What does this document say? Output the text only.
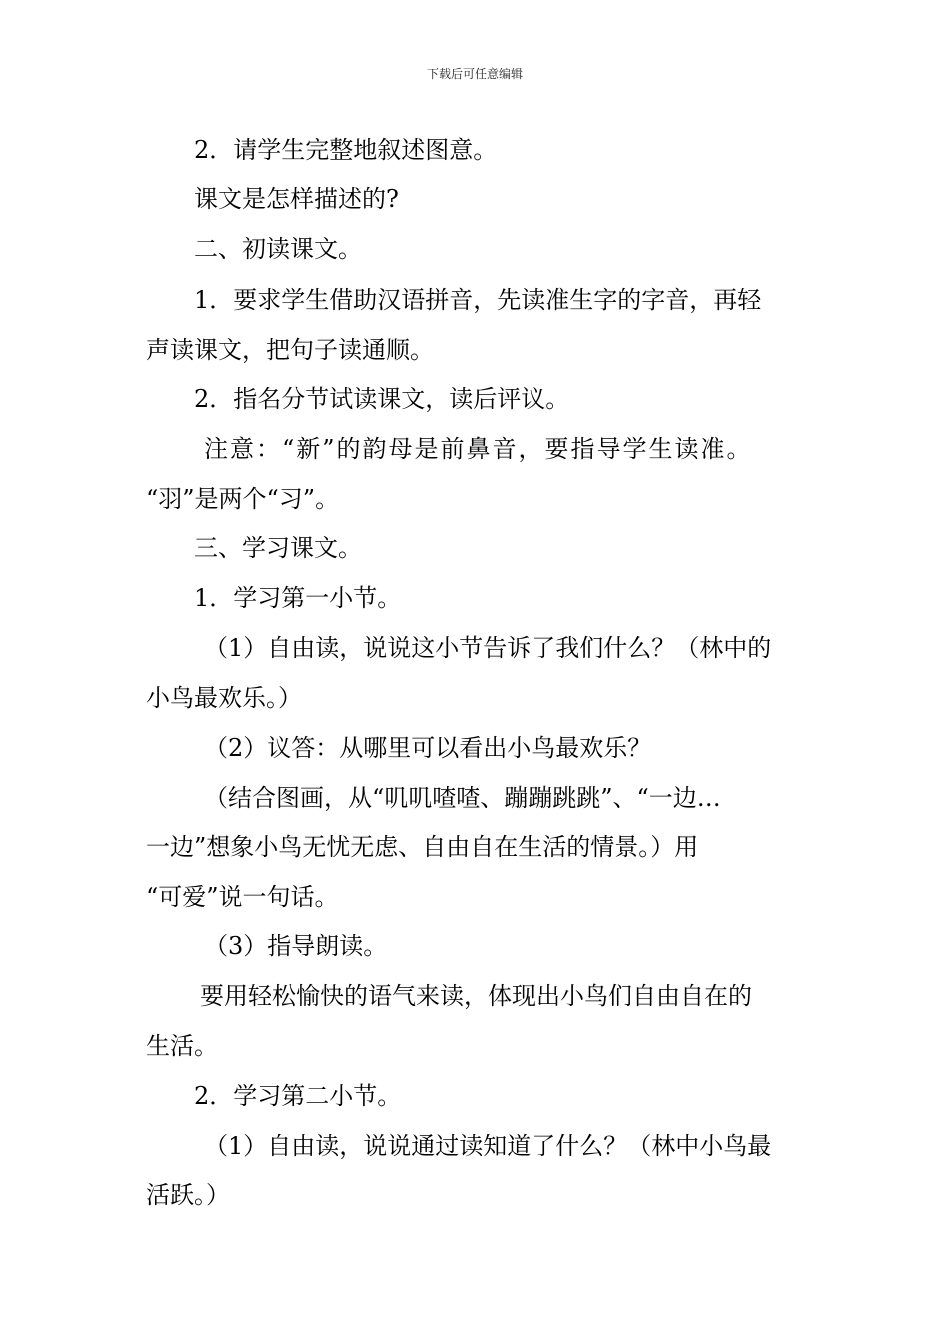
下载后可任意编辑
2．请学生完整地叙述图意。
课文是怎样描述的?
二、初读课文。
1．要求学生借助汉语拼音，先读准生字的字音，再轻
声读课文，把句子读通顺。
2．指名分节试读课文，读后评议。
注意：“新”的韵母是前鼻音，要指导学生读准。
“羽”是两个“习”。
三、学习课文。
1．学习第一小节。
（1）自由读，说说这小节告诉了我们什么？（林中的
小鸟最欢乐。）
（2）议答：从哪里可以看出小鸟最欢乐？
（结合图画，从“叽叽喳喳、蹦蹦跳跳”、“一边…
一边”想象小鸟无忧无虑、自由自在生活的情景。）用
“可爱”说一句话。
（3）指导朗读。
要用轻松愉快的语气来读，体现出小鸟们自由自在的
生活。
2．学习第二小节。
（1）自由读，说说通过读知道了什么？（林中小鸟最
活跃。）
